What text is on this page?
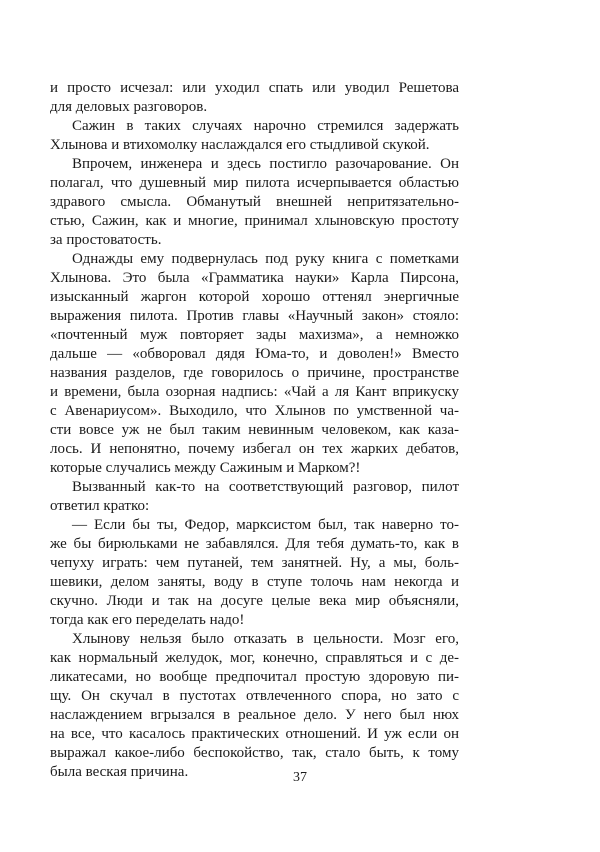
и просто исчезал: или уходил спать или уводил Решетова
для деловых разговоров.
Сажин в таких случаях нарочно стремился задержать
Хлынова и втихомолку наслаждался его стыдливой скукой.
Впрочем, инженера и здесь постигло разочарование. Он
полагал, что душевный мир пилота исчерпывается областью
здравого смысла. Обманутый внешней непритязательно-
стью, Сажин, как и многие, принимал хлыновскую простоту
за простоватость.
Однажды ему подвернулась под руку книга с пометками
Хлынова. Это была «Грамматика науки» Карла Пирсона,
изысканный жаргон которой хорошо оттенял энергичные
выражения пилота. Против главы «Научный закон» стояло:
«почтенный муж повторяет зады махизма», а немножко
дальше — «обворовал дядя Юма-то, и доволен!» Вместо
названия разделов, где говорилось о причине, пространстве
и времени, была озорная надпись: «Чай а ля Кант вприкуску
с Авенариусом». Выходило, что Хлынов по умственной ча-
сти вовсе уж не был таким невинным человеком, как каза-
лось. И непонятно, почему избегал он тех жарких дебатов,
которые случались между Сажиным и Марком?!
Вызванный как-то на соответствующий разговор, пилот
ответил кратко:
— Если бы ты, Федор, марксистом был, так наверно то-
же бы бирюльками не забавлялся. Для тебя думать-то, как в
чепуху играть: чем путаней, тем занятней. Ну, а мы, боль-
шевики, делом заняты, воду в ступе толочь нам некогда и
скучно. Люди и так на досуге целые века мир объясняли,
тогда как его переделать надо!
Хлынову нельзя было отказать в цельности. Мозг его,
как нормальный желудок, мог, конечно, справляться и с де-
ликатесами, но вообще предпочитал простую здоровую пи-
щу. Он скучал в пустотах отвлеченного спора, но зато с
наслаждением вгрызался в реальное дело. У него был нюх
на все, что касалось практических отношений. И уж если он
выражал какое-либо беспокойство, так, стало быть, к тому
была веская причина.	37
